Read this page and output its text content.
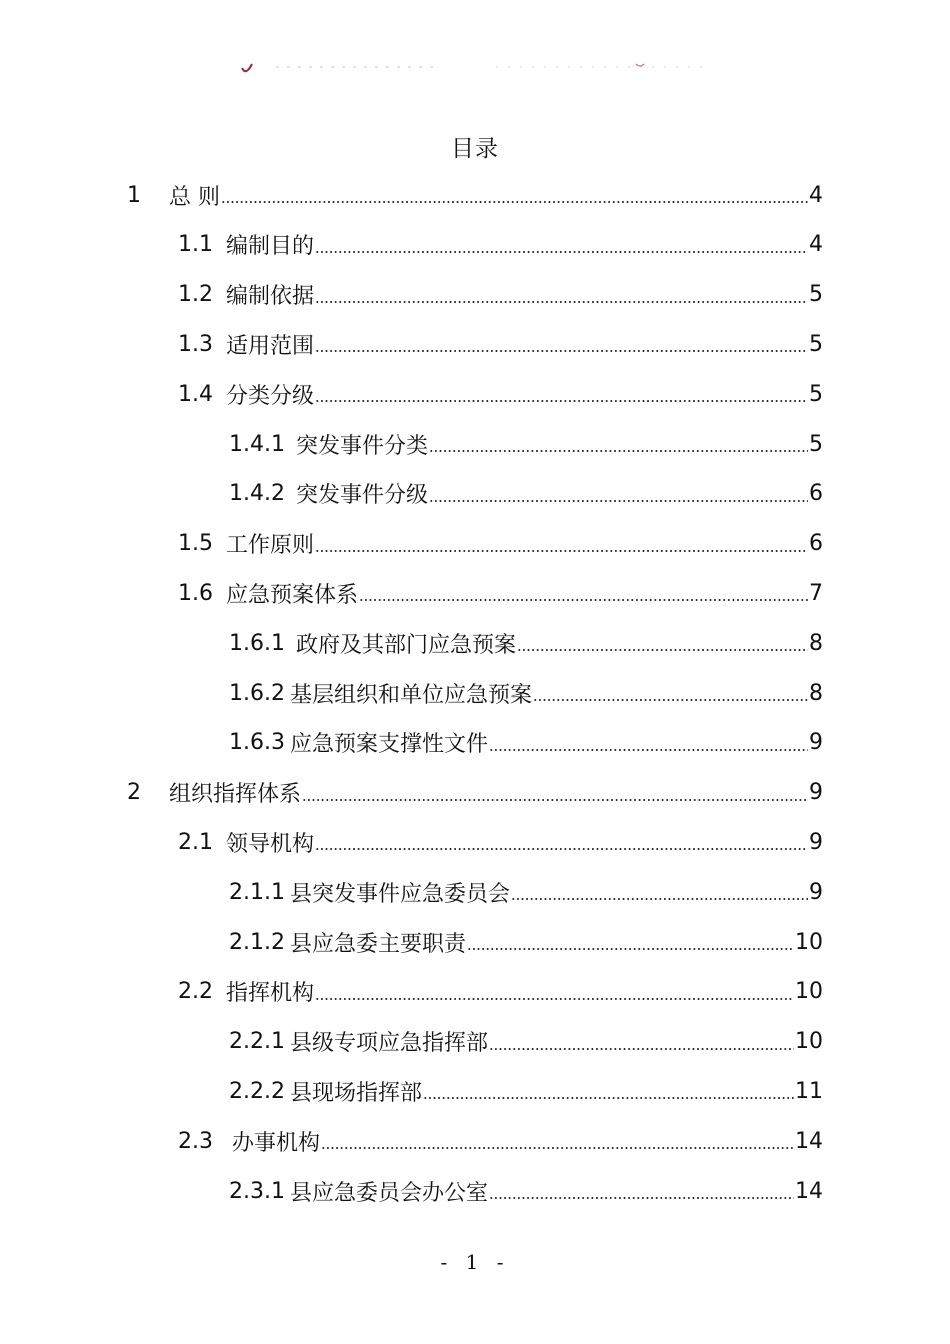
目录
1	总 则	4
1.1 编制目的	4
1.2 编制依据	5
1.3 适用范围	5
1.4 分类分级	5
1.4.1 突发事件分类	5
1.4.2 突发事件分级	6
1.5 工作原则	6
1.6 应急预案体系	7
1.6.1 政府及其部门应急预案	8
1.6.2 基层组织和单位应急预案	8
1.6.3 应急预案支撑性文件	9
2	组织指挥体系	9
2.1 领导机构	9
2.1.1 县突发事件应急委员会	9
2.1.2 县应急委主要职责	10
2.2 指挥机构	10
2.2.1 县级专项应急指挥部	10
2.2.2 县现场指挥部	11
2.3 办事机构	14
2.3.1 县应急委员会办公室	14
- 1 -
